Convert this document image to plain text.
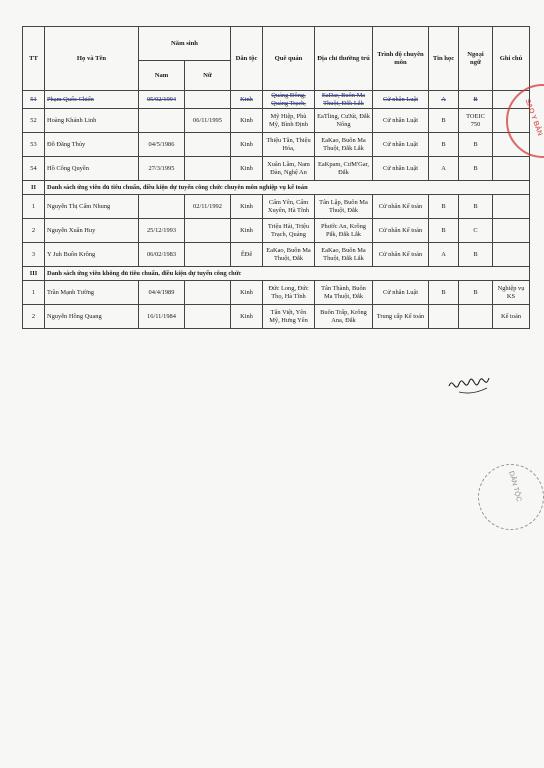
TT	Họ và Tên	Năm sinh		Dân tộc	Quê quán	Địa chỉ thường trú	Trình độ chuyên môn	Tin học	Ngoại ngữ	Ghi chú
		Nam	Nữ							
51	Phạm Quốc Chiến	05/02/1994		Kinh	Quảng Đông, Quảng Trạch,	EaDar, Buôn Ma Thuột, Đắk Lắk	Cử nhân Luật	A	B	
52	Hoàng Khánh Linh		06/11/1995	Kinh	Mỹ Hiệp, Phù Mỹ, Bình Định	EaTling, CưJút, Đắk Nông	Cử nhân Luật	B	TOEIC 750	
53	Đỗ Đăng Thủy	04/5/1986		Kinh	Thiệu Tân, Thiệu Hóa,	EaKao, Buôn Ma Thuột, Đắk Lắk	Cử nhân Luật	B	B	
54	Hồ Công Quyền	27/3/1995		Kinh	Xuân Lâm, Nam Đàn, Nghệ An	EaKpam, CưM'Gar, Đắk	Cử nhân Luật	A	B	
II	Danh sách ứng viên đủ tiêu chuẩn, điều kiện dự tuyển công chức chuyên môn nghiệp vụ kế toán									
1	Nguyễn Thị Cẩm Nhung		02/11/1992	Kinh	Cẩm Yên, Cẩm Xuyên, Hà Tĩnh	Tân Lập, Buôn Ma Thuột, Đắk	Cử nhân Kế toán	B	B	
2	Nguyễn Xuân Huy	25/12/1993		Kinh	Triệu Hải, Triệu Trạch, Quảng	Phước An, Krông Pắk, Đắk Lắk	Cử nhân Kế toán	B	C	
3	Y Juh Buôn Krông	06/02/1983		ÊĐê	EaKao, Buôn Ma Thuột, Đắk	EaKao, Buôn Ma Thuột, Đắk Lắk	Cử nhân Kế toán	A	B	
III	Danh sách ứng viên không đủ tiêu chuẩn, điều kiện dự tuyển công chức									
1	Trần Mạnh Tường	04/4/1989		Kinh	Đức Long, Đức Thọ, Hà Tĩnh	Tân Thành, Buôn Ma Thuột, Đắk	Cử nhân Luật	B	B	Nghiệp vụ KS
2	Nguyễn Hồng Quang	16/11/1984		Kinh	Tân Việt, Yên Mỹ, Hưng Yên	Buôn Trấp, Krông Ana, Đắk	Trung cấp Kế toán			Kế toán
SAO Y BẢN
DÂN TỘC
